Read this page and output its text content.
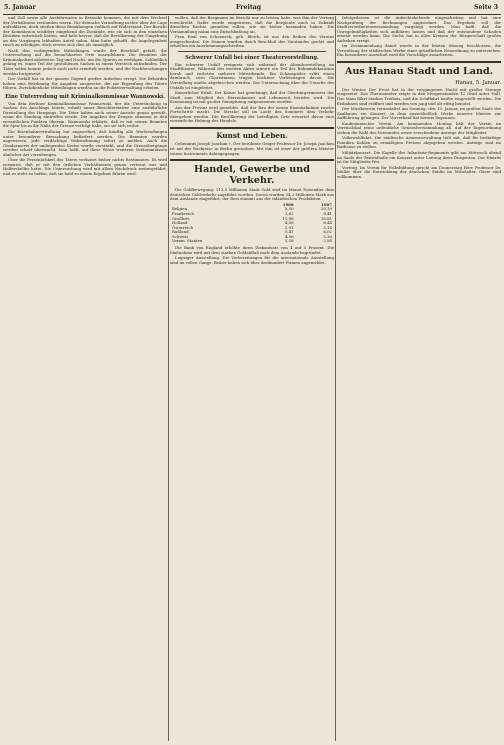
5. Januar	Freitag	Seite 3

und Zoll sowie alle Ausfuhrwaren in Betracht kommen, die mit dem Wechsel der Verhältnisse verbunden waren. Die deutsche Verwaltung suchte über die Lage aufzuklären, doch stießen diese Bemühungen vielfach auf Widerstand. Der Bericht der Kommission schildert eingehend die Zustände, wie sie sich in den einzelnen Bezirken entwickelt hatten, und hebt hervor, daß die Bevölkerung der Umgebung an den Vorgängen lebhaften Anteil nahm. Man hatte gehofft, die Angelegenheit rasch zu erledigen, doch erwies sich dies als unmöglich.

Nach den vorliegenden Mitteilungen wurde der Beschluß gefaßt, die Untersuchung auf die benachbarten Orte auszudehnen. Die Beamten der Kriminalpolizei arbeiteten Tag und Nacht, um die Spuren zu verfolgen. Schließlich gelang es, einen Teil der gestohlenen Sachen in einem Versteck aufzufinden. Der Täter selbst konnte jedoch noch nicht ermittelt werden, und die Nachforschungen werden fortgesetzt.

Der Vorfall hat in der ganzen Gegend großes Aufsehen erregt. Die Behörden haben eine Belohnung für Angaben ausgesetzt, die zur Ergreifung des Täters führen. Zweckdienliche Mitteilungen werden an die Polizeiverwaltung erbeten.

Eine Unterredung mit Kriminalkommissar Wannowski.

Von dem Berliner Kriminalkommissar Wannowski, der die Untersuchung in Sachen des Anschlags leitete, erhielt unser Berichterstatter eine ausführliche Darstellung des Hergangs. Die Täter haben nach seiner Ansicht genau gewußt, wann die Sendung eintreffen werde. Die Angaben der Zeugen stimmen in den wesentlichen Punkten überein. Wannowski erklärte, daß er mit seinen Beamten die Spur bis in die Nähe der Grenze verfolgt habe, wo sie sich verlor.

Die Eisenbahnverwaltung hat angeordnet, daß künftig alle Wertsendungen unter besonderer Bewachung befördert werden. Die Beamten wurden angewiesen, jede verdächtige Wahrnehmung sofort zu melden. Auch die Gendarmerie der umliegenden Kreise wurde verstärkt, und die Grenzübergänge werden scharf überwacht. Man hofft, auf diese Weise weiteren Vorkommnissen ähnlicher Art vorzubeugen.

Über die Persönlichkeit des Täters verlautet bisher nichts Bestimmtes. Es wird vermutet, daß er mit den örtlichen Verhältnissen genau vertraut war und Helfershelfer hatte. Die Untersuchung wird mit allem Nachdruck weitergeführt, und es steht zu hoffen, daß sie bald zu einem Ergebnis führen wird.

wollen, daß der Bergmann im Bericht nur zu leisten habe, was ihm der Vertrag vorschreibt. Dafür wurde eingetreten, daß die Bergleute auch in Zukunft dieselben Rechte genießen sollen, wie sie bisher bestanden haben. Die Versammlung nahm eine Entschließung an.

Frau Emil von Schoeneck, geb. Bleich, ist aus den Reihen des Vereins ausgeschieden. Die Damen wurden durch Beschluß des Vorstandes geehrt und erhielten ein Anerkennungsschreiben.

Schwerer Unfall bei einer Theatervorstellung.

Ein schwerer Unfall ereignete sich während der Abendvorstellung im Stadttheater. Während des zweiten Aktes stürzte ein Teil der Bühnendekoration herab und verletzte mehrere Mitwirkende. Ein Schauspieler erlitt einen Armbruch, zwei Choristinnen trugen leichtere Verletzungen davon. Die Vorstellung mußte abgebrochen werden. Die Untersuchung über die Ursache des Unfalls ist eingeleitet.

Kaiserlicher Erlaß. Der Kaiser hat genehmigt, daß der Oberbürgermeister der Stadt zum Mitglied des Herrenhauses auf Lebenszeit berufen wird. Die Ernennung ist mit großer Genugtuung aufgenommen worden.

Aus der Provinz wird gemeldet, daß der Bau der neuen Eisenbahnlinie rasche Fortschritte macht. Die Strecke soll im Laufe des Sommers dem Verkehr übergeben werden. Die Bevölkerung der beteiligten Orte erwartet davon eine wesentliche Hebung des Handels.

Kunst und Leben.

Geheimrat Joseph Joachim †. Der berühmte Geiger Professor Dr. Joseph Joachim ist auf der Rückreise in Berlin gestorben. Mit ihm ist einer der größten Meister seines Instruments dahingegangen.

Handel, Gewerbe und Verkehr.

Die Goldbewegung. 113,5 Millionen Mark Gold sind im Monat November dem deutschen Geldverkehr zugeführt worden. Davon wurden 54,2 Millionen Mark aus dem Auslande eingeführt, der Rest stammt aus der inländischen Produktion.

	1908	1907
Belgien	5,50	10,19
Frankreich	3,62	8,41
Großbrit.	11,98	16,81
Holland	4,58	6,44
Österreich	2,91	5,14
Rußland	5,41	6,02
Schweiz	4,56	5,30
Verein. Staaten	3,58	2,94

Die Bank von England erhöhte ihren Diskontsatz von 4 auf 5 Prozent. Die Maßnahme wird mit dem starken Goldabfluß nach dem Auslande begründet.

Leipziger Ausstellung. Die Vorbereitungen für die internationale Ausstellung sind im vollen Gange. Bisher haben sich über dreihundert Firmen angemeldet.

Infolgedessen ist die Aufsichtsbehörde eingeschritten und hat eine Nachprüfung der Rechnungen angeordnet. Das Ergebnis soll der Stadtverordnetenversammlung vorgelegt werden. Man hofft, daß die Unregelmäßigkeiten sich aufklären lassen und daß der entstandene Schaden ersetzt werden kann. Die Sache hat in allen Kreisen der Bürgerschaft großes Aufsehen erregt.

Im Zusammenhang damit wurde in der letzten Sitzung beschlossen, die Verwaltung der städtischen Werke einer gründlichen Neuordnung zu unterziehen. Ein besonderer Ausschuß wird die Vorschläge ausarbeiten.

Aus Hanau Stadt und Land.
Hanau, 5. Januar.

Der Winter. Der Frost hat in der vergangenen Nacht mit großer Strenge eingesetzt. Das Thermometer zeigte in den Morgenstunden 12 Grad unter Null. Der Main führt starkes Treibeis, und die Schiffahrt mußte eingestellt werden. Die Eisbahnen sind eröffnet und werden von jung und alt eifrig benutzt.

Der Musikverein veranstaltet am Sonntag, den 10. Januar, im großen Saale des Saalbaues ein Konzert, in dem ausschließlich Werke neuerer Meister zur Aufführung gelangen. Der Vorverkauf hat bereits begonnen.

Kaufmännischer Verein. Am kommenden Montag hält der Verein im Vereinslokal seine ordentliche Generalversammlung ab. Auf der Tagesordnung stehen die Wahl des Vorstandes sowie verschiedene Anträge der Mitglieder.

Volkswohlfahrt. Die städtische Armenverwaltung teilt mit, daß für bedürftige Familien Kohlen zu ermäßigten Preisen abgegeben werden. Anträge sind im Rathause zu stellen.

Militärkonzert. Die Kapelle des Infanterie-Regiments gibt am Mittwoch abend im Saale der Zentralhalle ein Konzert unter Leitung ihres Dirigenten. Der Eintritt ist für Mitglieder frei.

Vortrag. Im Verein für Volksbildung spricht am Donnerstag Herr Professor Dr. Müller über die Entwicklung der deutschen Städte im Mittelalter. Gäste sind willkommen.
